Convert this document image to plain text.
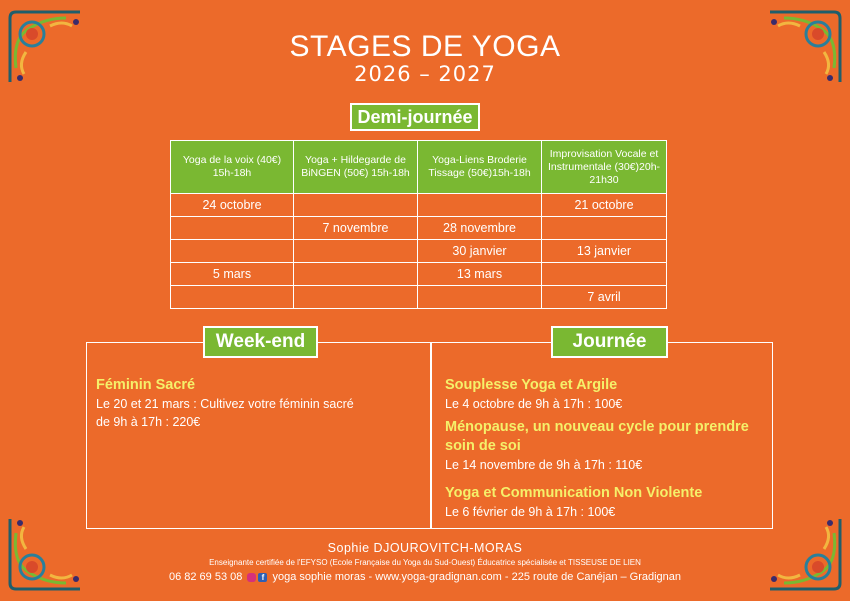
STAGES DE YOGA
2026 – 2027
Demi-journée
Yoga de la voix (40€) 15h-18h	Yoga + Hildegarde de BiNGEN (50€) 15h-18h	Yoga-Liens Broderie Tissage (50€)15h-18h	Improvisation Vocale et Instrumentale (30€)20h-21h30
24 octobre			21 octobre
	7 novembre	28 novembre	
		30 janvier	13 janvier
5 mars		13 mars	
			7 avril
Week-end	Journée
Féminin Sacré
Le 20 et 21 mars : Cultivez votre féminin sacré
de 9h à 17h : 220€
Souplesse Yoga et Argile
Le 4 octobre de 9h à 17h : 100€
Ménopause, un nouveau cycle pour prendre
soin de soi
Le 14 novembre de 9h à 17h : 110€
Yoga et Communication Non Violente
Le 6 février de 9h à 17h : 100€
Sophie DJOUROVITCH-MORAS
Enseignante certifiée de l'EFYSO (Ecole Française du Yoga du Sud-Ouest) Éducatrice spécialisée et TISSEUSE DE LIEN
06 82 69 53 08 f yoga sophie moras - www.yoga-gradignan.com - 225 route de Canéjan – Gradignan
